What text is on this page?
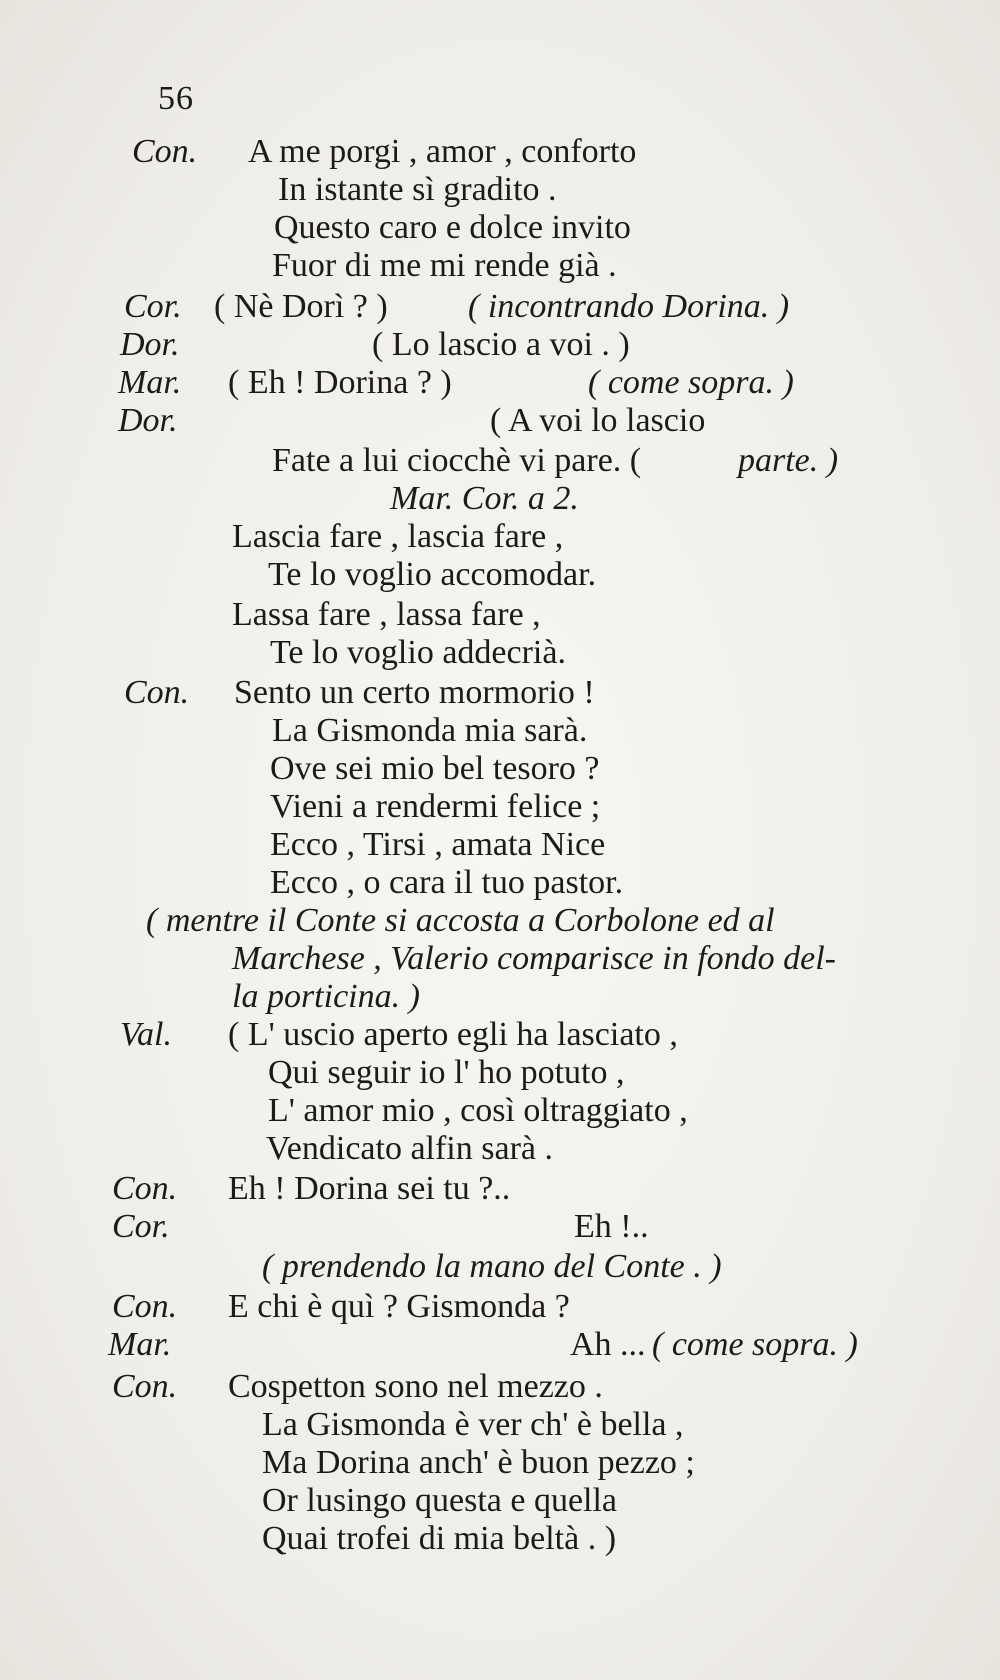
56
Con. A me porgi , amor , conforto
In istante sì gradito .
Questo caro e dolce invito
Fuor di me mi rende già .
Cor. ( Nè Dorì ? ) ( incontrando Dorina. )
Dor.	( Lo lascio a voi . )
Mar. ( Eh ! Dorina ? )	( come sopra. )
Dor.	( A voi lo lascio
Fate a lui ciocchè vi pare. (	parte. )
Mar. Cor. a 2.
Lascia fare , lascia fare ,
Te lo voglio accomodar.
Lassa fare , lassa fare ,
Te lo voglio addecrià.
Con. Sento un certo mormorio !
La Gismonda mia sarà.
Ove sei mio bel tesoro ?
Vieni a rendermi felice ;
Ecco , Tirsi , amata Nice
Ecco , o cara il tuo pastor.
( mentre il Conte si accosta a Corbolone ed al
Marchese , Valerio comparisce in fondo del-
la porticina. )
Val. ( L' uscio aperto egli ha lasciato ,
Qui seguir io l' ho potuto ,
L' amor mio , così oltraggiato ,
Vendicato alfin sarà .
Con. Eh ! Dorina sei tu ?..
Cor.	Eh !..
( prendendo la mano del Conte . )
Con. E chi è quì ? Gismonda ?
Mar.	Ah ... ( come sopra. )
Con. Cospetton sono nel mezzo .
La Gismonda è ver ch' è bella ,
Ma Dorina anch' è buon pezzo ;
Or lusingo questa e quella
Quai trofei di mia beltà . )
